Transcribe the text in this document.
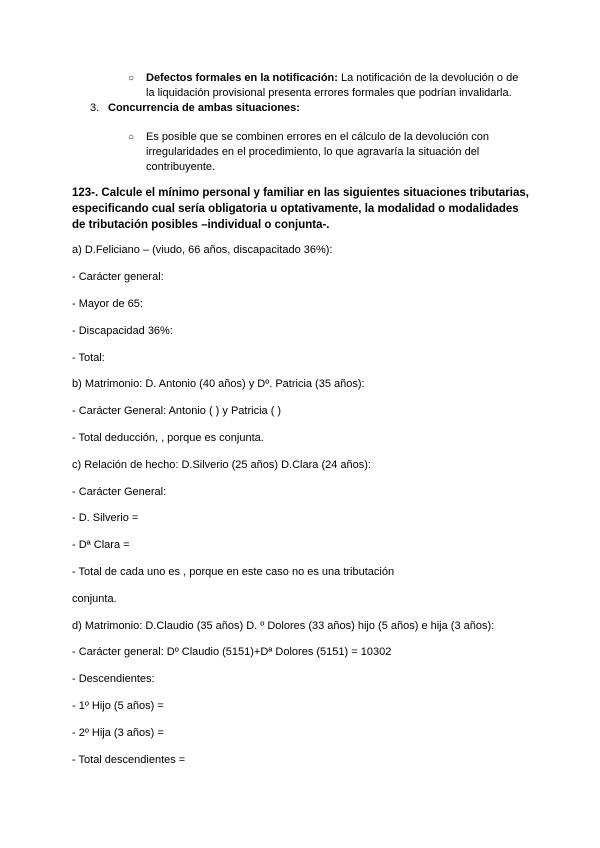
○ Defectos formales en la notificación: La notificación de la devolución o de la liquidación provisional presenta errores formales que podrían invalidarla.
3. Concurrencia de ambas situaciones:
○ Es posible que se combinen errores en el cálculo de la devolución con irregularidades en el procedimiento, lo que agravaría la situación del contribuyente.
123-. Calcule el mínimo personal y familiar en las siguientes situaciones tributarias, especificando cual sería obligatoria u optativamente, la modalidad o modalidades de tributación posibles –individual o conjunta-.
a) D.Feliciano – (viudo, 66 años, discapacitado 36%):
- Carácter general:
- Mayor de 65:
- Discapacidad 36%:
- Total:
b) Matrimonio: D. Antonio (40 años) y Dº. Patricia (35 años):
- Carácter General: Antonio ( ) y Patricia ( )
- Total deducción, , porque es conjunta.
c) Relación de hecho: D.Silverio (25 años) D.Clara (24 años):
- Carácter General:
- D. Silverio =
- Dª Clara =
- Total de cada uno es , porque en este caso no es una tributación
conjunta.
d) Matrimonio: D.Claudio (35 años) D. º Dolores (33 años) hijo (5 años) e hija (3 años):
- Carácter general: Dº Claudio (5151)+Dª Dolores (5151) = 10302
- Descendientes:
- 1º Hijo (5 años) =
- 2º Hija (3 años) =
- Total descendientes =
